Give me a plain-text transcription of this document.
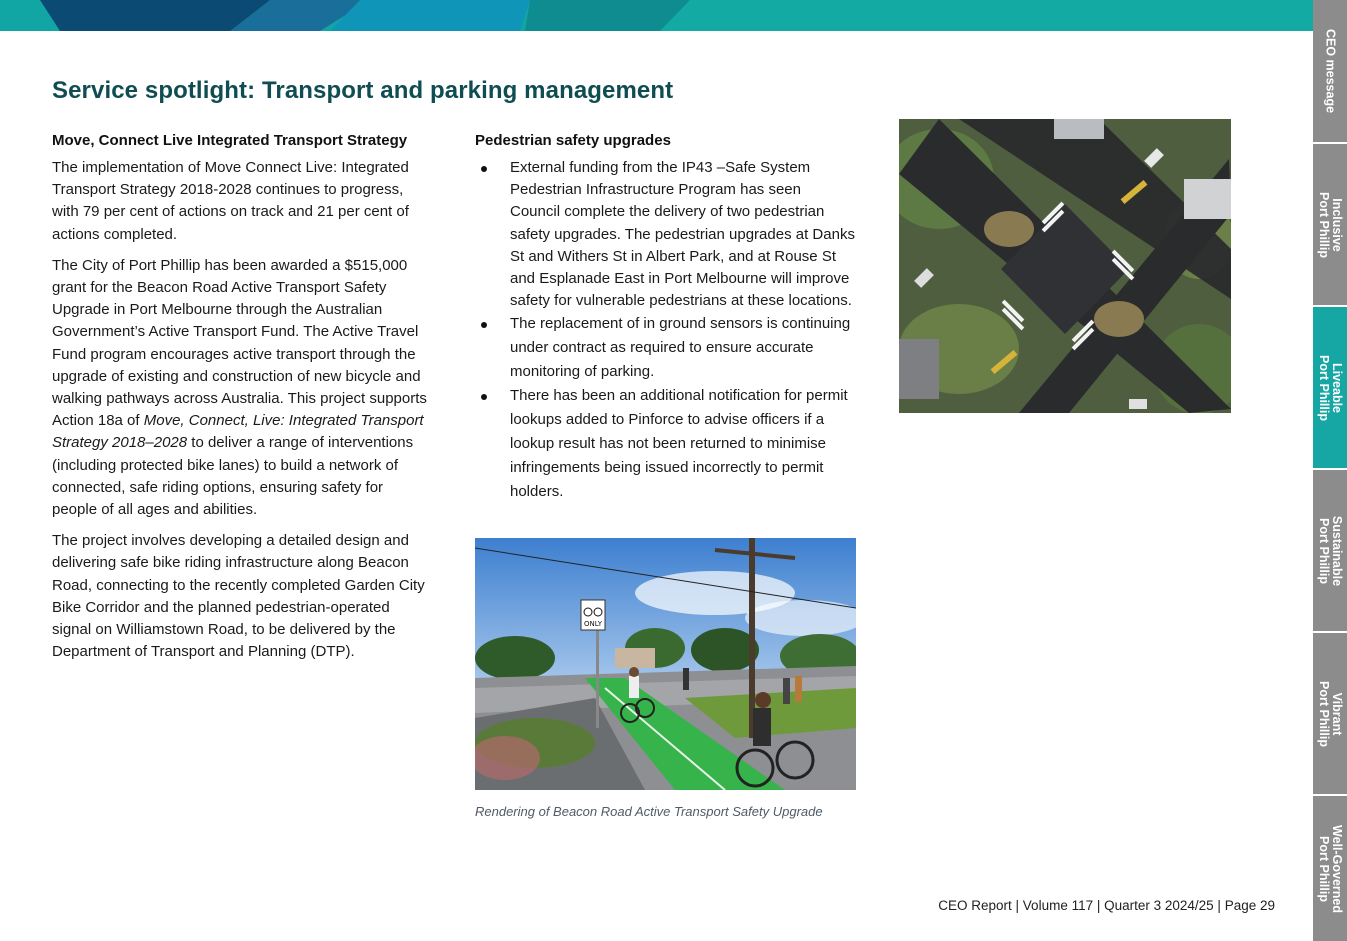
CEO message
Inclusive
Port Phillip
Liveable
Port Phillip
Sustainable
Port Phillip
Vibrant
Port Phillip
Well-Governed
Port Phillip
Service spotlight: Transport and parking management
Move, Connect Live Integrated Transport Strategy

The implementation of Move Connect Live: Integrated Transport Strategy 2018-2028 continues to progress, with 79 per cent of actions on track and 21 per cent of actions completed.

The City of Port Phillip has been awarded a $515,000 grant for the Beacon Road Active Transport Safety Upgrade in Port Melbourne through the Australian Government’s Active Transport Fund. The Active Travel Fund program encourages active transport through the upgrade of existing and construction of new bicycle and walking pathways across Australia. This project supports Action 18a of Move, Connect, Live: Integrated Transport Strategy 2018–2028 to deliver a range of interventions (including protected bike lanes) to build a network of connected, safe riding options, ensuring safety for people of all ages and abilities.

The project involves developing a detailed design and delivering safe bike riding infrastructure along Beacon Road, connecting to the recently completed Garden City Bike Corridor and the planned pedestrian-operated signal on Williamstown Road, to be delivered by the Department of Transport and Planning (DTP).

Pedestrian safety upgrades
External funding from the IP43 –Safe System Pedestrian Infrastructure Program has seen Council complete the delivery of two pedestrian safety upgrades. The pedestrian upgrades at Danks St and Withers St in Albert Park, and at Rouse St and Esplanade East in Port Melbourne will improve safety for vulnerable pedestrians at these locations.
The replacement of in ground sensors is continuing under contract as required to ensure accurate monitoring of parking.
There has been an additional notification for permit lookups added to Pinforce to advise officers if a lookup result has not been returned to minimise infringements being issued incorrectly to permit holders.
ONLY
Rendering of Beacon Road Active Transport Safety Upgrade
CEO Report | Volume 117 | Quarter 3 2024/25 | Page 29
